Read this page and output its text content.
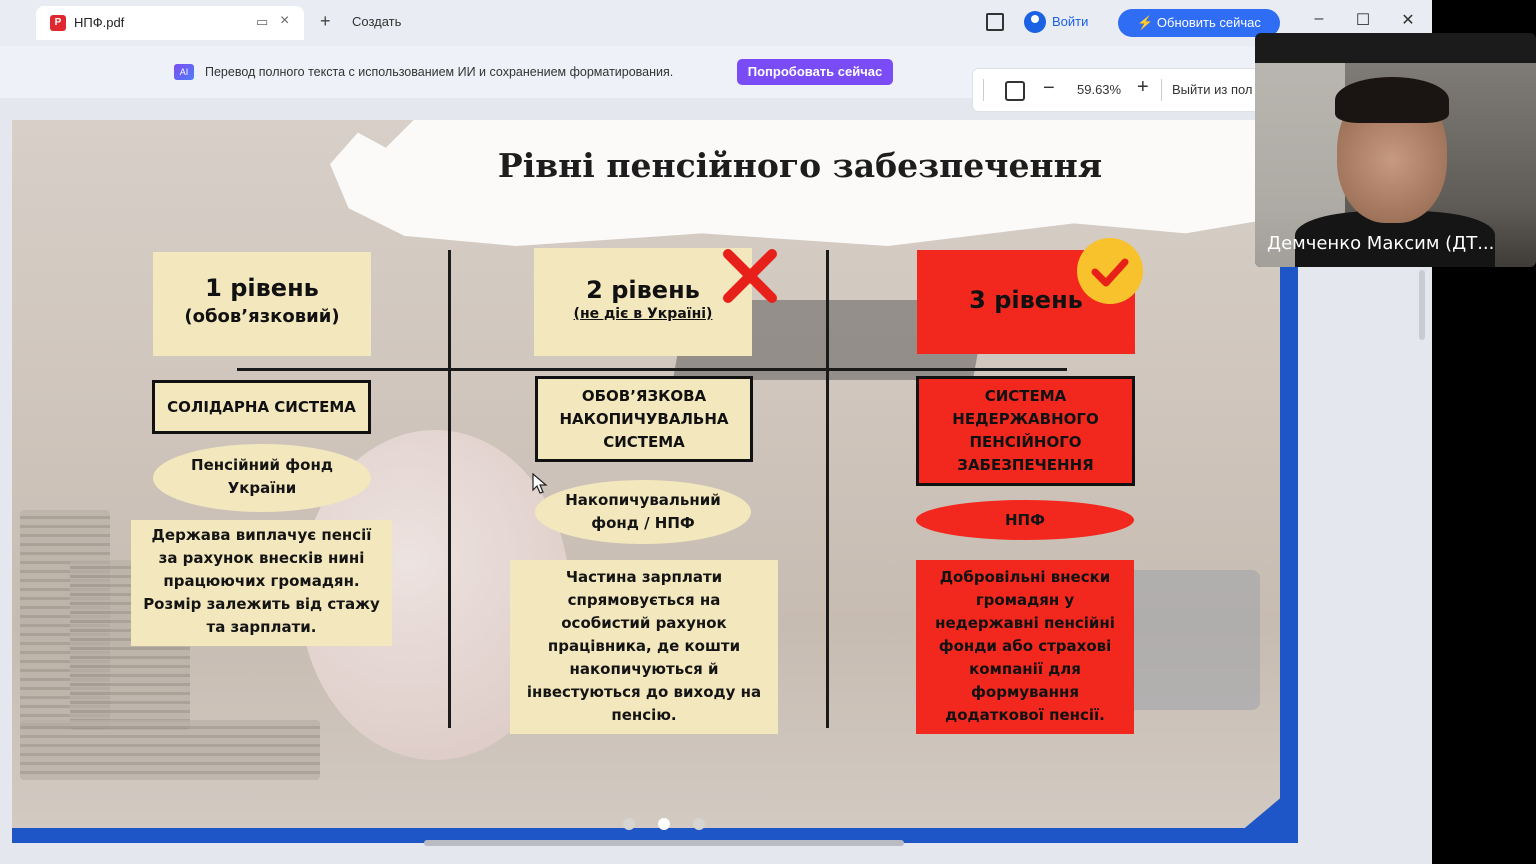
P НПФ.pdf	▭ × + Создать	Войти	⚡ Обновить сейчас	–	☐	✕
AI	Перевод полного текста с использованием ИИ и сохранением форматирования.	Попробовать сейчас
Рівні пенсійного забезпечення
1 рівень
(обов’язковий)
СОЛІДАРНА СИСТЕМА
Пенсійний фонд
України
Держава виплачує пенсії
за рахунок внесків нині
працюючих громадян.
Розмір залежить від стажу
та зарплати.
2 рівень
(не діє в Україні)
ОБОВ’ЯЗКОВА
НАКОПИЧУВАЛЬНА
СИСТЕМА
Накопичувальний
фонд / НПФ
Частина зарплати
спрямовується на
особистий рахунок
працівника, де кошти
накопичуються й
інвестуються до виходу на
пенсію.
3 рівень
СИСТЕМА
НЕДЕРЖАВНОГО
ПЕНСІЙНОГО
ЗАБЕЗПЕЧЕННЯ
НПФ
Добровільні внески
громадян у
недержавні пенсійні
фонди або страхові
компанії для
формування
додаткової пенсії.
− 59.63% + Выйти из пол
Демченко Максим (ДТ...
